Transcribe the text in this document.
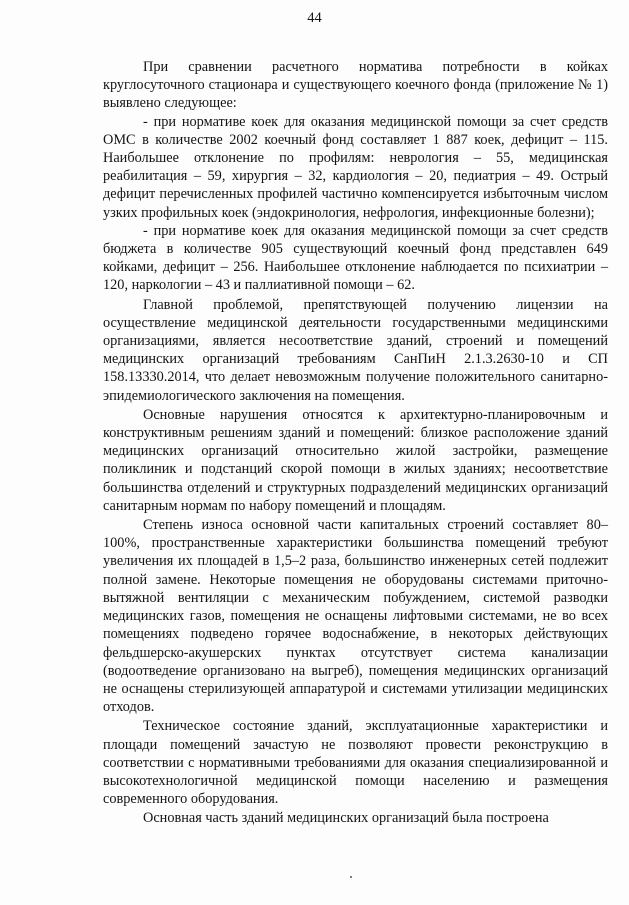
44

При сравнении расчетного норматива потребности в койках круглосуточного стационара и существующего коечного фонда (приложение № 1) выявлено следующее:

- при нормативе коек для оказания медицинской помощи за счет средств ОМС в количестве 2002 коечный фонд составляет 1 887 коек, дефицит – 115. Наибольшее отклонение по профилям: неврология – 55, медицинская реабилитация – 59, хирургия – 32, кардиология – 20, педиатрия – 49. Острый дефицит перечисленных профилей частично компенсируется избыточным числом узких профильных коек (эндокринология, нефрология, инфекционные болезни);

- при нормативе коек для оказания медицинской помощи за счет средств бюджета в количестве 905 существующий коечный фонд представлен 649 койками, дефицит – 256. Наибольшее отклонение наблюдается по психиатрии – 120, наркологии – 43 и паллиативной помощи – 62.

Главной проблемой, препятствующей получению лицензии на осуществление медицинской деятельности государственными медицинскими организациями, является несоответствие зданий, строений и помещений медицинских организаций требованиям СанПиН 2.1.3.2630-10 и СП 158.13330.2014, что делает невозможным получение положительного санитарно-эпидемиологического заключения на помещения.

Основные нарушения относятся к архитектурно-планировочным и конструктивным решениям зданий и помещений: близкое расположение зданий медицинских организаций относительно жилой застройки, размещение поликлиник и подстанций скорой помощи в жилых зданиях; несоответствие большинства отделений и структурных подразделений медицинских организаций санитарным нормам по набору помещений и площадям.

Степень износа основной части капитальных строений составляет 80–100%, пространственные характеристики большинства помещений требуют увеличения их площадей в 1,5–2 раза, большинство инженерных сетей подлежит полной замене. Некоторые помещения не оборудованы системами приточно-вытяжной вентиляции с механическим побуждением, системой разводки медицинских газов, помещения не оснащены лифтовыми системами, не во всех помещениях подведено горячее водоснабжение, в некоторых действующих фельдшерско-акушерских пунктах отсутствует система канализации (водоотведение организовано на выгреб), помещения медицинских организаций не оснащены стерилизующей аппаратурой и системами утилизации медицинских отходов.

Техническое состояние зданий, эксплуатационные характеристики и площади помещений зачастую не позволяют провести реконструкцию в соответствии с нормативными требованиями для оказания специализированной и высокотехнологичной медицинской помощи населению и размещения современного оборудования.

Основная часть зданий медицинских организаций была построена
